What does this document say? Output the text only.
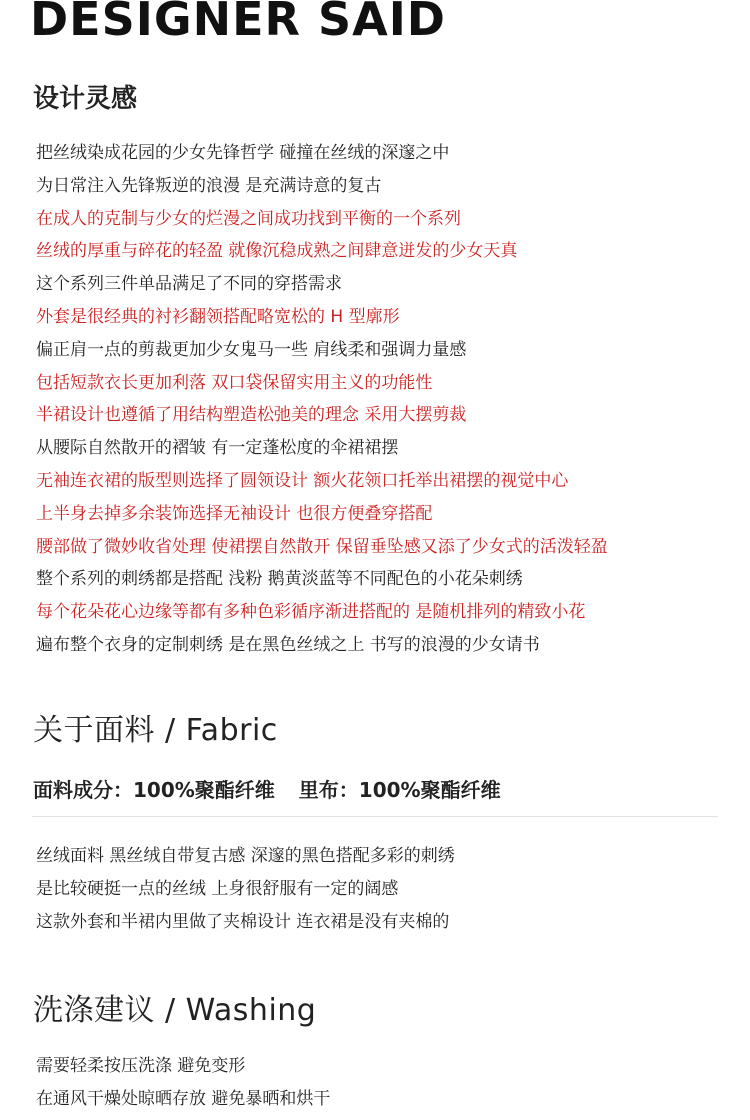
DESIGNER SAID
设计灵感
把丝绒染成花园的少女先锋哲学 碰撞在丝绒的深邃之中
为日常注入先锋叛逆的浪漫 是充满诗意的复古
在成人的克制与少女的烂漫之间成功找到平衡的一个系列
丝绒的厚重与碎花的轻盈 就像沉稳成熟之间肆意迸发的少女天真
这个系列三件单品满足了不同的穿搭需求
外套是很经典的衬衫翻领搭配略宽松的 H 型廓形
偏正肩一点的剪裁更加少女鬼马一些 肩线柔和强调力量感
包括短款衣长更加利落 双口袋保留实用主义的功能性
半裙设计也遵循了用结构塑造松弛美的理念 采用大摆剪裁
从腰际自然散开的褶皱 有一定蓬松度的伞裙裙摆
无袖连衣裙的版型则选择了圆领设计 额火花领口托举出裙摆的视觉中心
上半身去掉多余装饰选择无袖设计 也很方便叠穿搭配
腰部做了微妙收省处理 使裙摆自然散开 保留垂坠感又添了少女式的活泼轻盈
整个系列的刺绣都是搭配 浅粉 鹅黄淡蓝等不同配色的小花朵刺绣
每个花朵花心边缘等都有多种色彩循序渐进搭配的 是随机排列的精致小花
遍布整个衣身的定制刺绣 是在黑色丝绒之上 书写的浪漫的少女请书
关于面料 / Fabric
面料成分：100%聚酯纤维 里布：100%聚酯纤维
丝绒面料 黑丝绒自带复古感 深邃的黑色搭配多彩的刺绣
是比较硬挺一点的丝绒 上身很舒服有一定的阔感
这款外套和半裙内里做了夹棉设计 连衣裙是没有夹棉的
洗涤建议 / Washing
需要轻柔按压洗涤 避免变形
在通风干燥处晾晒存放 避免暴晒和烘干
